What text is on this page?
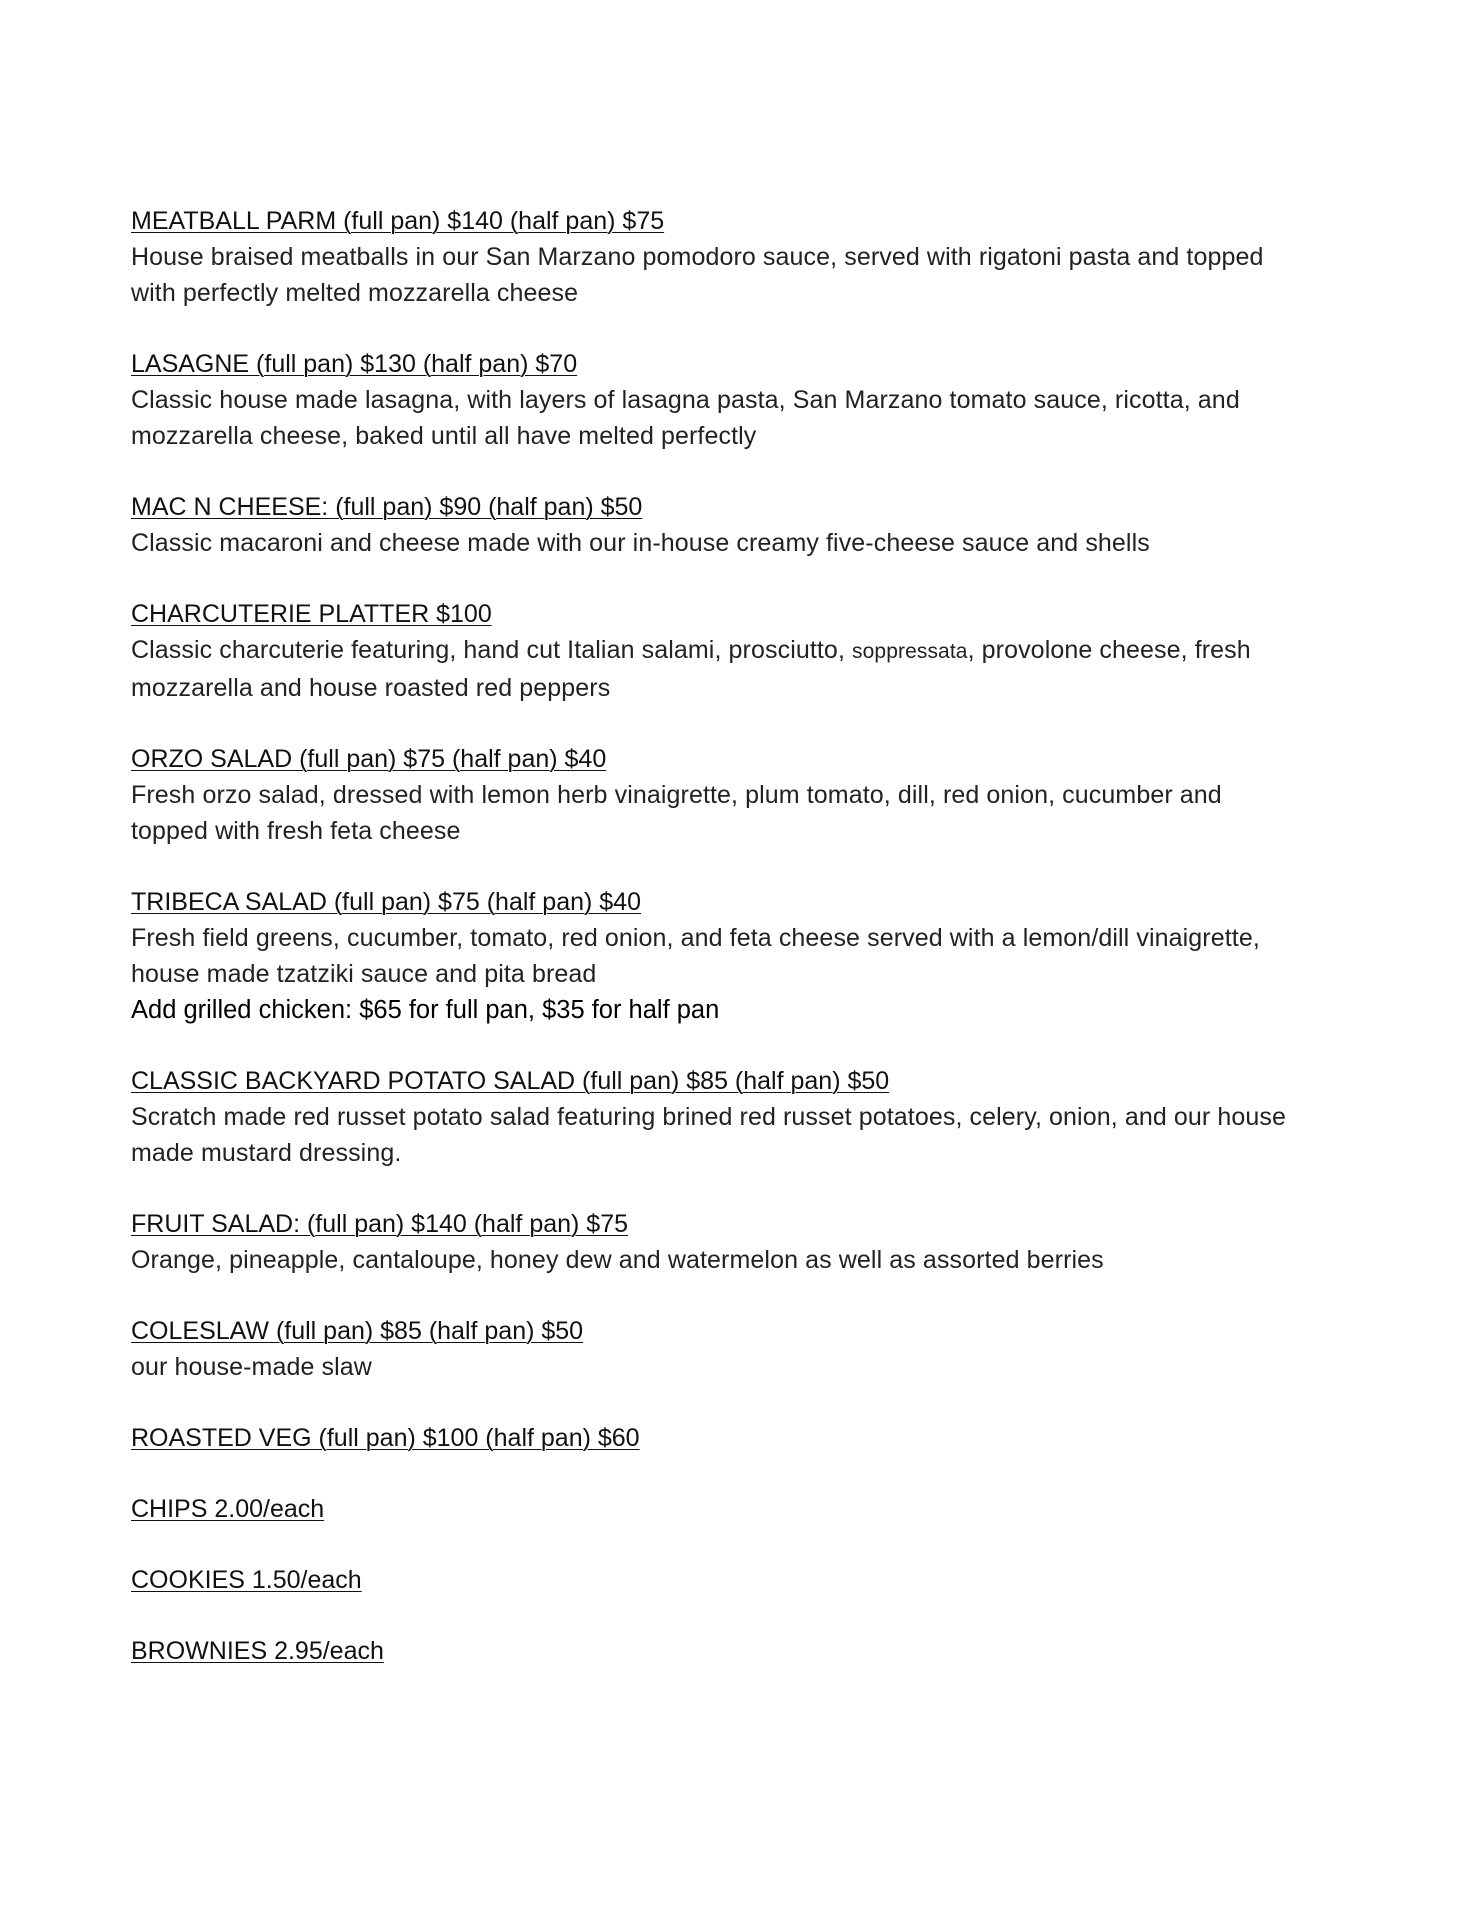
MEATBALL PARM (full pan) $140 (half pan) $75

House braised meatballs in our San Marzano pomodoro sauce, served with rigatoni pasta and topped
with perfectly melted mozzarella cheese

LASAGNE (full pan) $130 (half pan) $70

Classic house made lasagna, with layers of lasagna pasta, San Marzano tomato sauce, ricotta, and
mozzarella cheese, baked until all have melted perfectly

MAC N CHEESE: (full pan) $90 (half pan) $50

Classic macaroni and cheese made with our in-house creamy five-cheese sauce and shells

CHARCUTERIE PLATTER $100

Classic charcuterie featuring, hand cut Italian salami, prosciutto, soppressata, provolone cheese, fresh
mozzarella and house roasted red peppers

ORZO SALAD (full pan) $75 (half pan) $40

Fresh orzo salad, dressed with lemon herb vinaigrette, plum tomato, dill, red onion, cucumber and
topped with fresh feta cheese

TRIBECA SALAD (full pan) $75 (half pan) $40

Fresh field greens, cucumber, tomato, red onion, and feta cheese served with a lemon/dill vinaigrette,
house made tzatziki sauce and pita bread

Add grilled chicken: $65 for full pan, $35 for half pan

CLASSIC BACKYARD POTATO SALAD (full pan) $85 (half pan) $50

Scratch made red russet potato salad featuring brined red russet potatoes, celery, onion, and our house
made mustard dressing.

FRUIT SALAD: (full pan) $140 (half pan) $75

Orange, pineapple, cantaloupe, honey dew and watermelon as well as assorted berries

COLESLAW (full pan) $85 (half pan) $50

our house-made slaw

ROASTED VEG (full pan) $100 (half pan) $60
CHIPS 2.00/each
COOKIES 1.50/each
BROWNIES 2.95/each
